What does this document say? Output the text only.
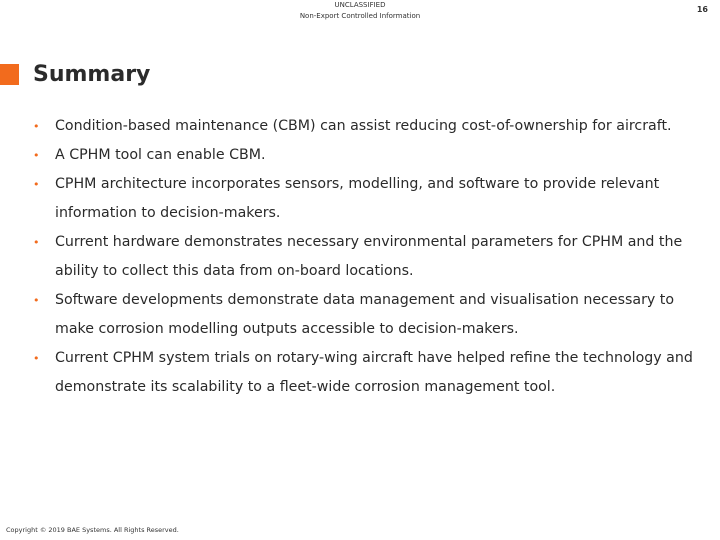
UNCLASSIFIED
Non-Export Controlled Information
16
Summary
• Condition-based maintenance (CBM) can assist reducing cost-of-ownership for aircraft.
• A CPHM tool can enable CBM.
• CPHM architecture incorporates sensors, modelling, and software to provide relevant information to decision-makers.
• Current hardware demonstrates necessary environmental parameters for CPHM and the ability to collect this data from on-board locations.
• Software developments demonstrate data management and visualisation necessary to make corrosion modelling outputs accessible to decision-makers.
• Current CPHM system trials on rotary-wing aircraft have helped refine the technology and demonstrate its scalability to a fleet-wide corrosion management tool.
Copyright © 2019 BAE Systems. All Rights Reserved.
